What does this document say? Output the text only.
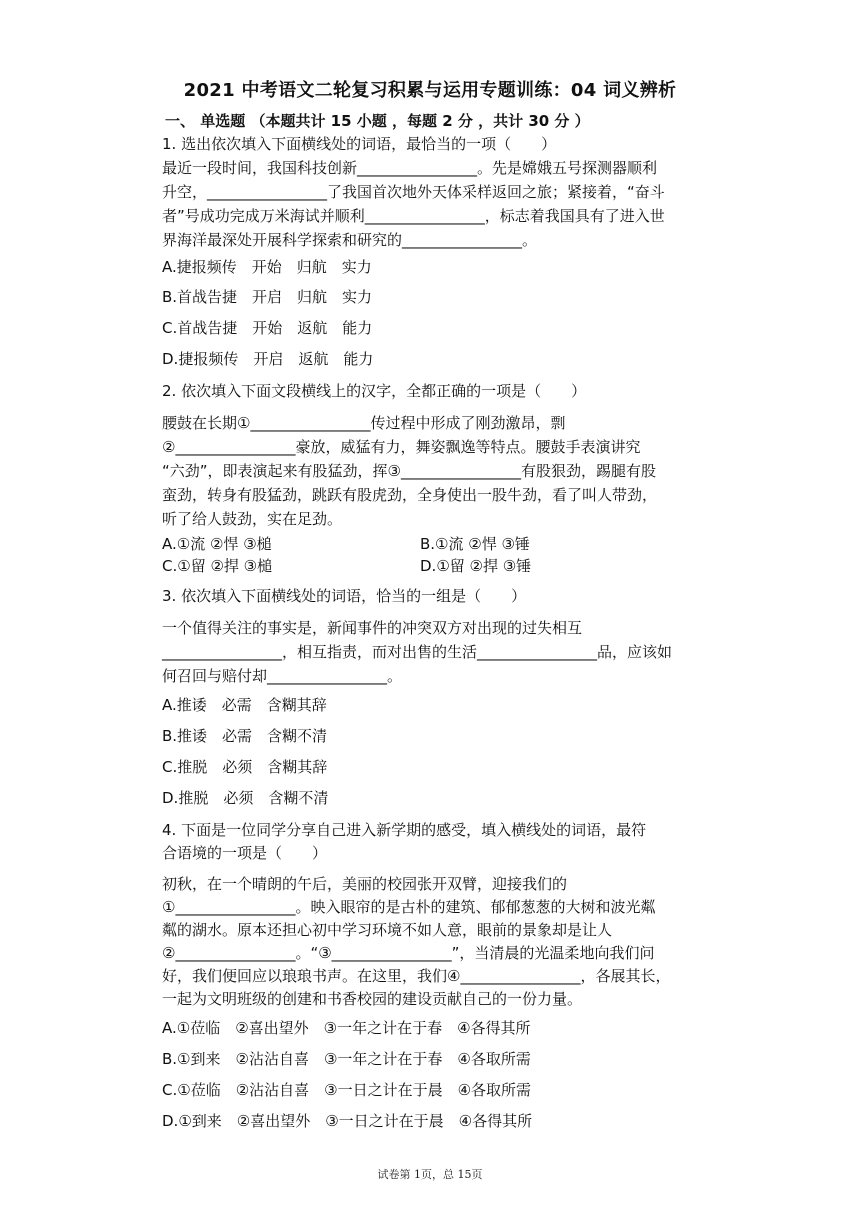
2021 中考语文二轮复习积累与运用专题训练：04 词义辨析
一、 单选题 （本题共计 15 小题 ，每题 2 分 ，共计 30 分 ）
1. 选出依次填入下面横线处的词语，最恰当的一项（　　）
最近一段时间，我国科技创新________________。先是嫦娥五号探测器顺利
升空，________________了我国首次地外天体采样返回之旅；紧接着，“奋斗
者”号成功完成万米海试并顺利________________，标志着我国具有了进入世
界海洋最深处开展科学探索和研究的________________。
A.捷报频传　开始　归航　实力
B.首战告捷　开启　归航　实力
C.首战告捷　开始　返航　能力
D.捷报频传　开启　返航　能力
2. 依次填入下面文段横线上的汉字，全都正确的一项是（　　）
腰鼓在长期①________________传过程中形成了刚劲激昂，剽
②________________豪放，威猛有力，舞姿飘逸等特点。腰鼓手表演讲究
“六劲”，即表演起来有股猛劲，挥③________________有股狠劲，踢腿有股
蛮劲，转身有股猛劲，跳跃有股虎劲，全身使出一股牛劲，看了叫人带劲，
听了给人鼓劲，实在足劲。
A.①流 ②悍 ③槌	B.①流 ②悍 ③锤
C.①留 ②捍 ③槌	D.①留 ②捍 ③锤
3. 依次填入下面横线处的词语，恰当的一组是（　　）
一个值得关注的事实是，新闻事件的冲突双方对出现的过失相互
________________，相互指责，而对出售的生活________________品，应该如
何召回与赔付却________________。
A.推诿　必需　含糊其辞
B.推诿　必需　含糊不清
C.推脱　必须　含糊其辞
D.推脱　必须　含糊不清
4. 下面是一位同学分享自己进入新学期的感受，填入横线处的词语，最符
合语境的一项是（　　）
初秋，在一个晴朗的午后，美丽的校园张开双臂，迎接我们的
①________________。映入眼帘的是古朴的建筑、郁郁葱葱的大树和波光粼
粼的湖水。原本还担心初中学习环境不如人意，眼前的景象却是让人
②________________。“③________________”，当清晨的光温柔地向我们问
好，我们便回应以琅琅书声。在这里，我们④________________，各展其长，
一起为文明班级的创建和书香校园的建设贡献自己的一份力量。
A.①莅临　②喜出望外　③一年之计在于春　④各得其所
B.①到来　②沾沾自喜　③一年之计在于春　④各取所需
C.①莅临　②沾沾自喜　③一日之计在于晨　④各取所需
D.①到来　②喜出望外　③一日之计在于晨　④各得其所
试卷第 1页，总 15页
